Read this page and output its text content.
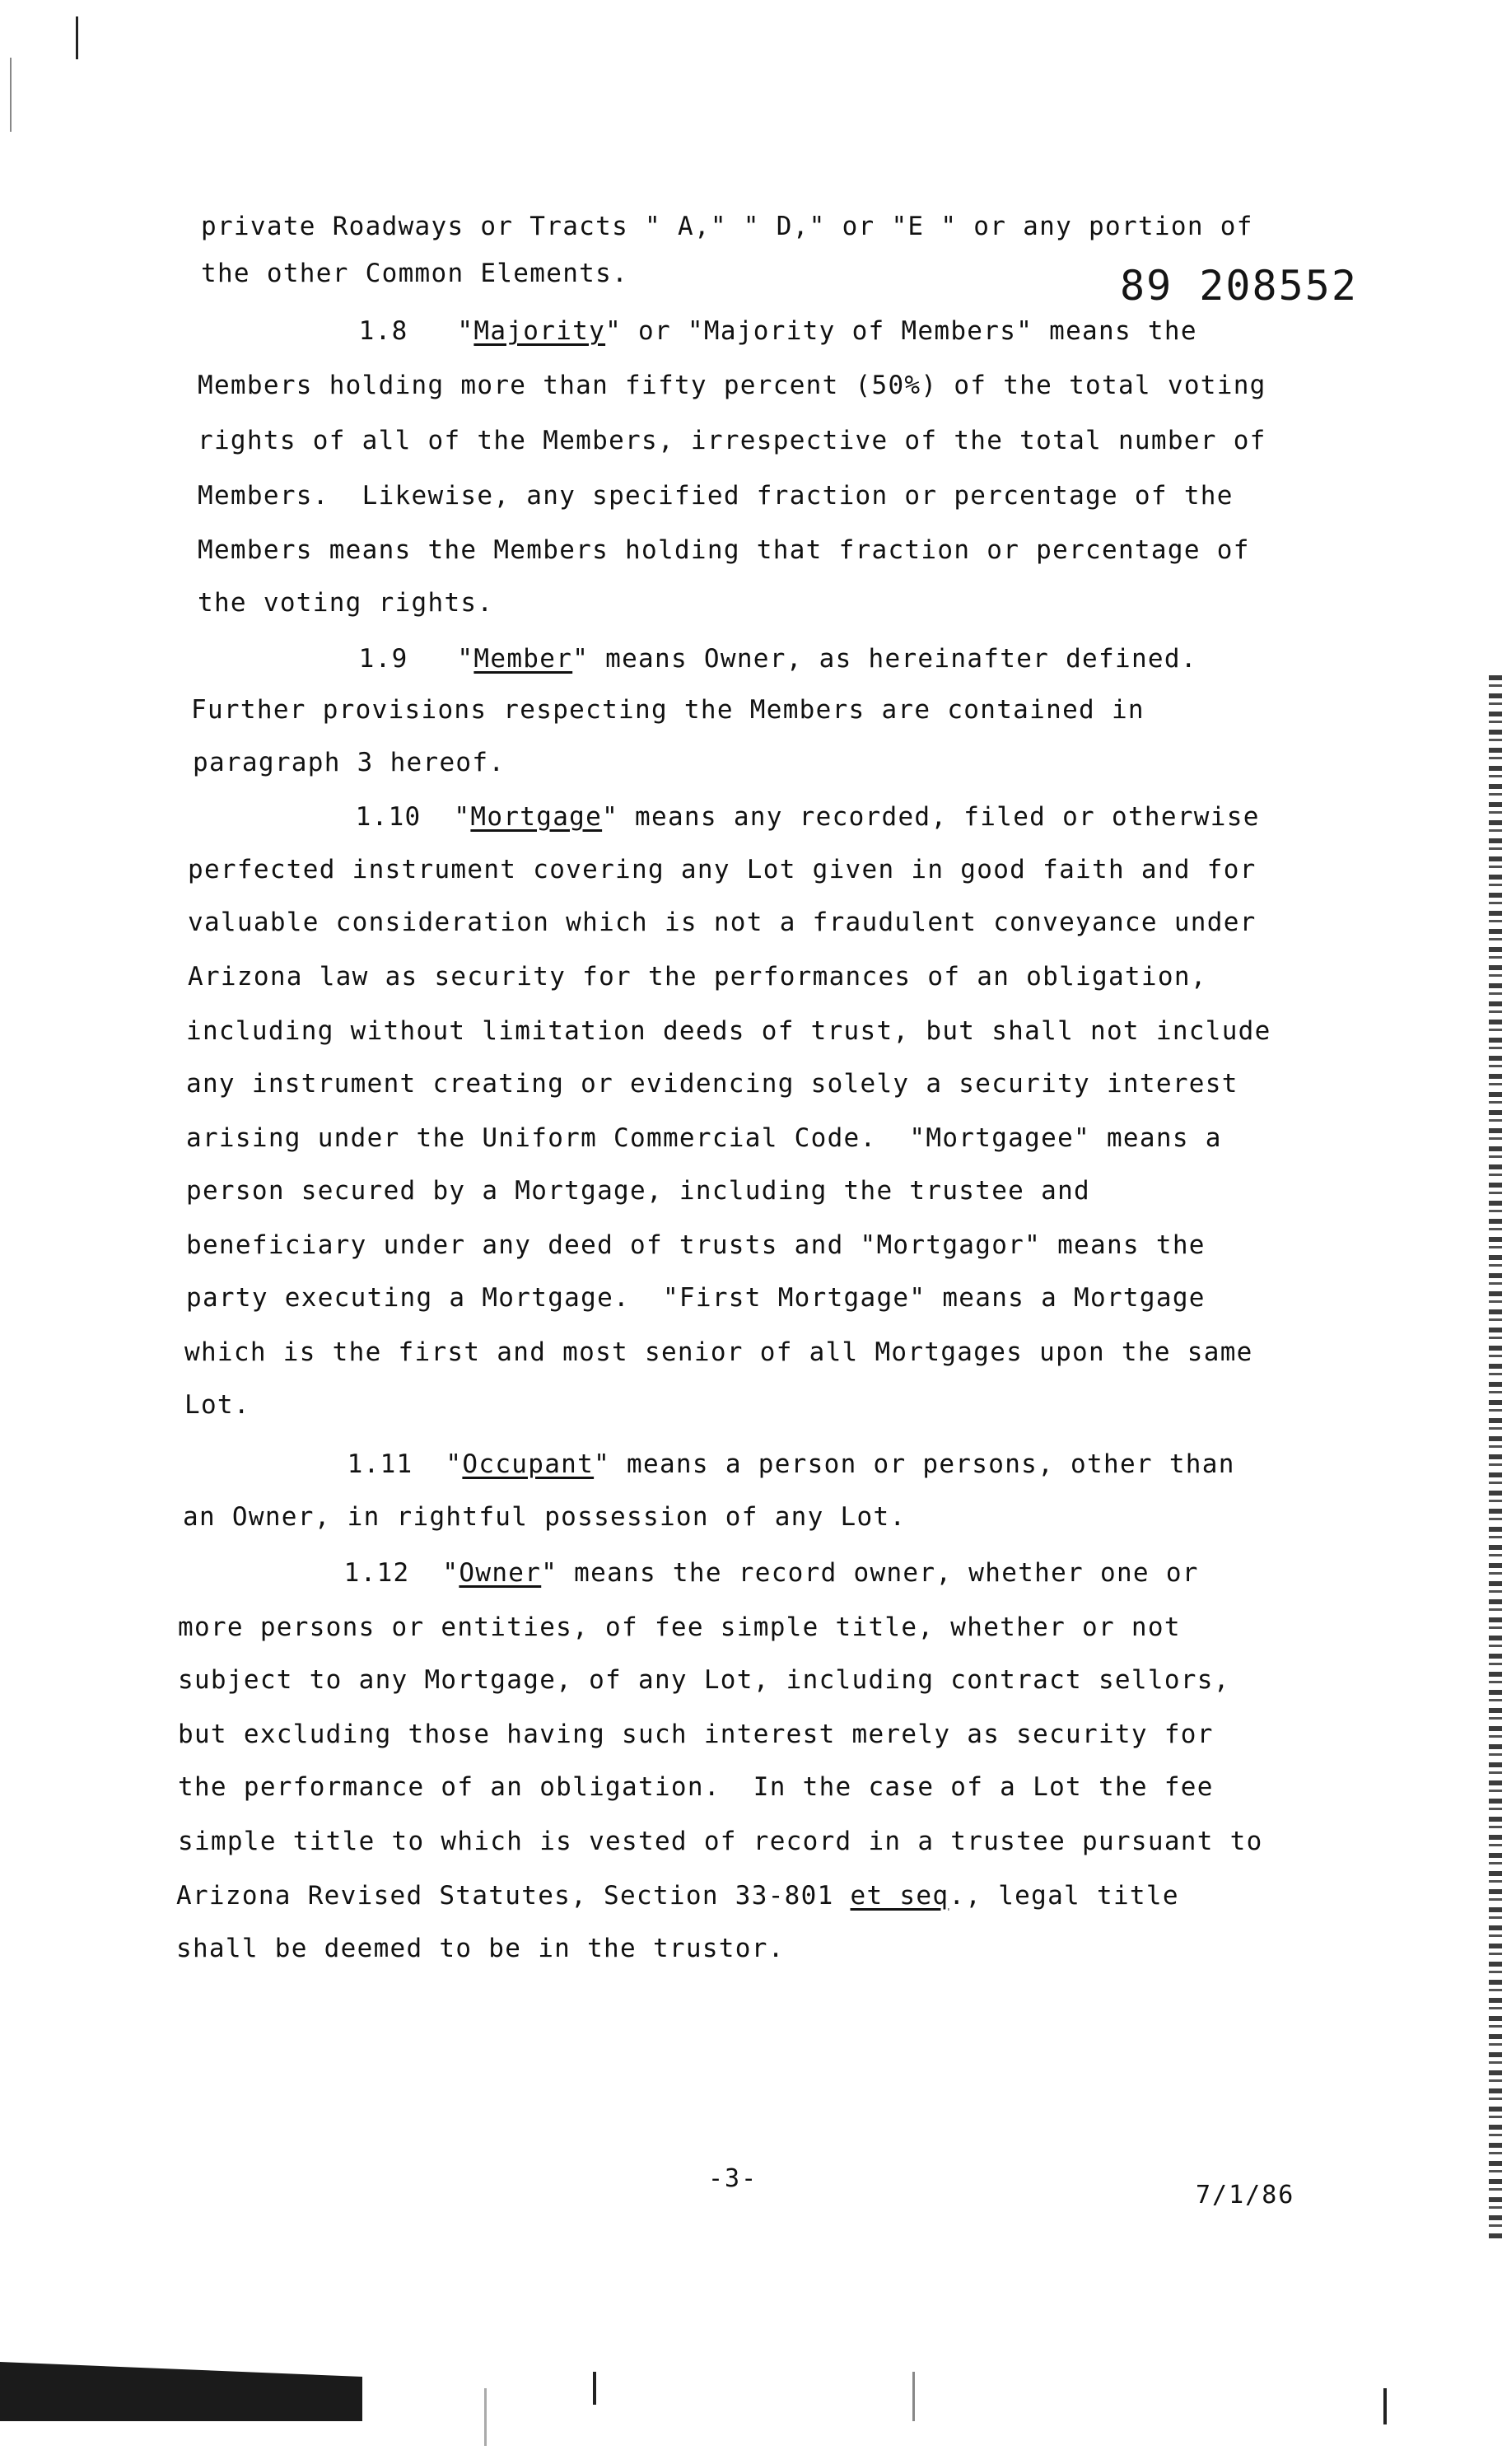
89 208552
private Roadways or Tracts " A," " D," or "E " or any portion of
the other Common Elements.
1.8   "Majority" or "Majority of Members" means the
Members holding more than fifty percent (50%) of the total voting
rights of all of the Members, irrespective of the total number of
Members.  Likewise, any specified fraction or percentage of the
Members means the Members holding that fraction or percentage of
the voting rights.
1.9   "Member" means Owner, as hereinafter defined.
Further provisions respecting the Members are contained in
paragraph 3 hereof.
1.10  "Mortgage" means any recorded, filed or otherwise
perfected instrument covering any Lot given in good faith and for
valuable consideration which is not a fraudulent conveyance under
Arizona law as security for the performances of an obligation,
including without limitation deeds of trust, but shall not include
any instrument creating or evidencing solely a security interest
arising under the Uniform Commercial Code.  "Mortgagee" means a
person secured by a Mortgage, including the trustee and
beneficiary under any deed of trusts and "Mortgagor" means the
party executing a Mortgage.  "First Mortgage" means a Mortgage
which is the first and most senior of all Mortgages upon the same
Lot.
1.11  "Occupant" means a person or persons, other than
an Owner, in rightful possession of any Lot.
1.12  "Owner" means the record owner, whether one or
more persons or entities, of fee simple title, whether or not
subject to any Mortgage, of any Lot, including contract sellors,
but excluding those having such interest merely as security for
the performance of an obligation.  In the case of a Lot the fee
simple title to which is vested of record in a trustee pursuant to
Arizona Revised Statutes, Section 33-801 et seq., legal title
shall be deemed to be in the trustor.
-3-
7/1/86
